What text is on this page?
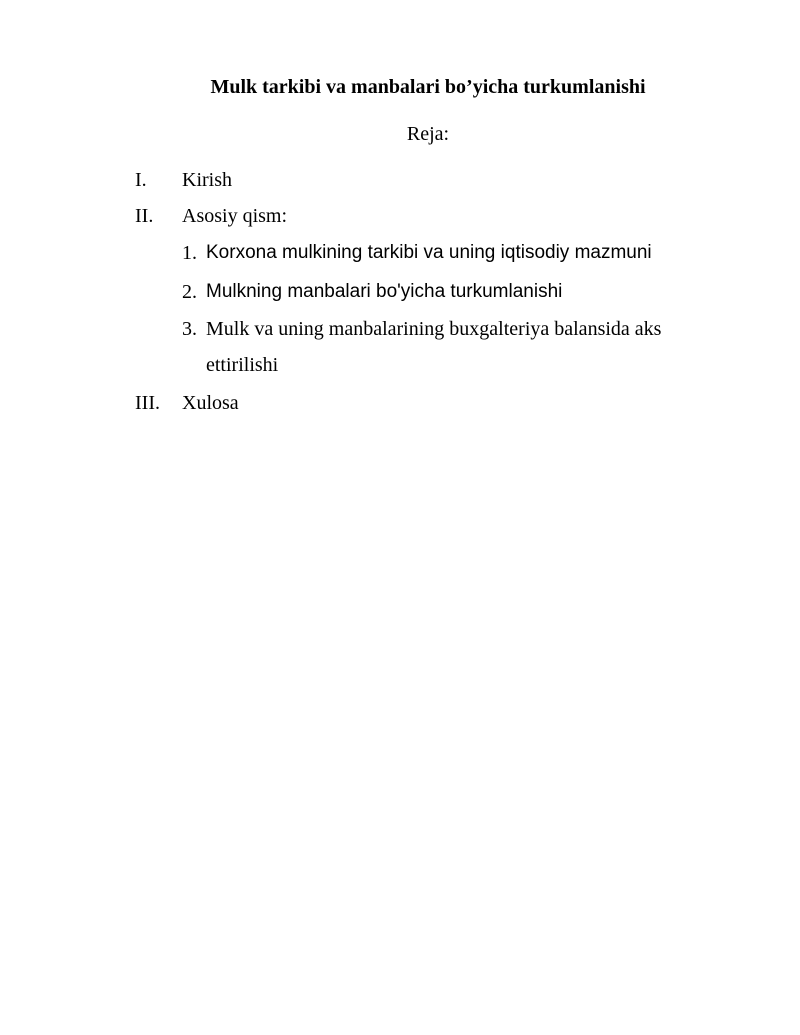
Mulk tarkibi va manbalari bo’yicha turkumlanishi
Reja:
I. Kirish
II. Asosiy qism:
1. Korxona mulkining tarkibi va uning iqtisodiy mazmuni
2. Mulkning manbalari bo'yicha turkumlanishi
3. Mulk va uning manbalarining buxgalteriya balansida aks
ettirilishi
III. Xulosa
